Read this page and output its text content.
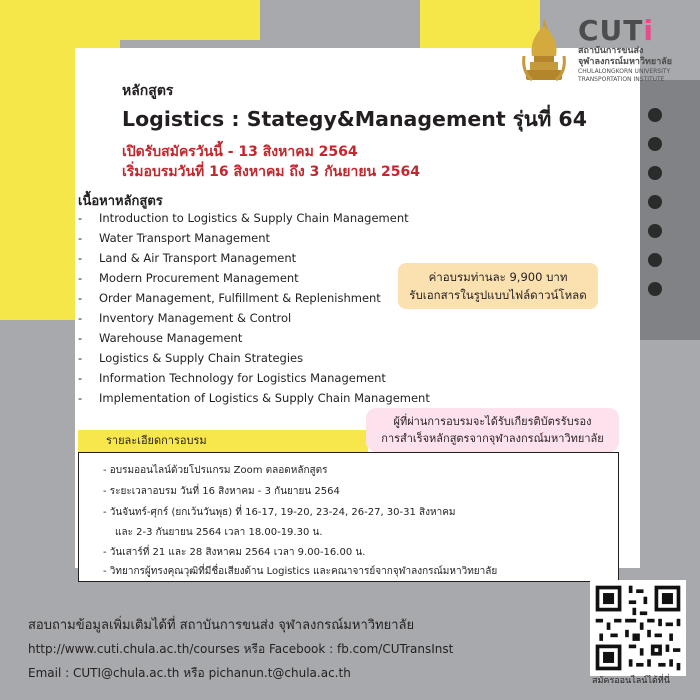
CUTi
สถาบันการขนส่ง
จุฬาลงกรณ์มหาวิทยาลัย
CHULALONGKORN UNIVERSITY
TRANSPORTATION INSTITUTE
หลักสูตร
Logistics : Stategy&Management รุ่นที่ 64
เปิดรับสมัครวันนี้ - 13 สิงหาคม 2564
เริ่มอบรมวันที่ 16 สิงหาคม ถึง 3 กันยายน 2564
เนื้อหาหลักสูตร
- Introduction to Logistics & Supply Chain Management
- Water Transport Management
- Land & Air Transport Management
- Modern Procurement Management
- Order Management, Fulfillment & Replenishment
- Inventory Management & Control
- Warehouse Management
- Logistics & Supply Chain Strategies
- Information Technology for Logistics Management
- Implementation of Logistics & Supply Chain Management
ค่าอบรมท่านละ 9,900 บาท
รับเอกสารในรูปแบบไฟล์ดาวน์โหลด
รายละเอียดการอบรม
ผู้ที่ผ่านการอบรมจะได้รับเกียรติบัตรรับรอง
การสำเร็จหลักสูตรจากจุฬาลงกรณ์มหาวิทยาลัย
- อบรมออนไลน์ด้วยโปรแกรม Zoom ตลอดหลักสูตร
- ระยะเวลาอบรม วันที่ 16 สิงหาคม - 3 กันยายน 2564
- วันจันทร์-ศุกร์ (ยกเว้นวันพุธ) ที่ 16-17, 19-20, 23-24, 26-27, 30-31 สิงหาคม
และ 2-3 กันยายน 2564 เวลา 18.00-19.30 น.
- วันเสาร์ที่ 21 และ 28 สิงหาคม 2564 เวลา 9.00-16.00 น.
- วิทยากรผู้ทรงคุณวุฒิที่มีชื่อเสียงด้าน Logistics และคณาจารย์จากจุฬาลงกรณ์มหาวิทยาลัย
สอบถามข้อมูลเพิ่มเติมได้ที่ สถาบันการขนส่ง จุฬาลงกรณ์มหาวิทยาลัย
http://www.cuti.chula.ac.th/courses หรือ Facebook : fb.com/CUTransInst
Email : CUTI@chula.ac.th หรือ pichanun.t@chula.ac.th
สมัครออนไลน์ได้ที่นี่
